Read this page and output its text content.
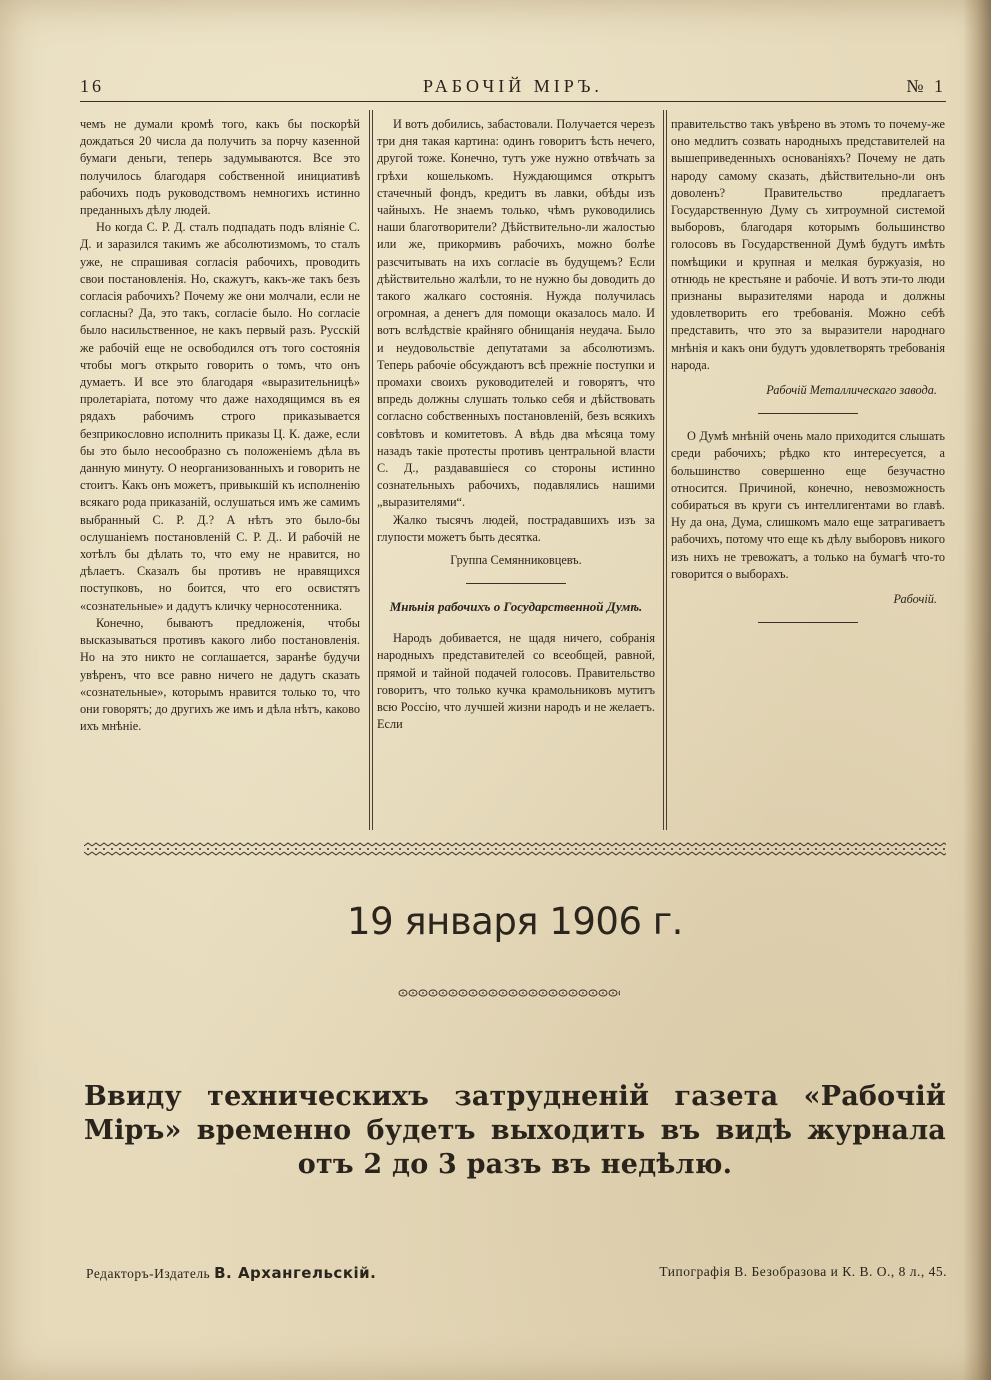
16	РАБОЧІЙ МІРЪ.	№ 1

чемъ не думали кромѣ того, какъ бы поскорѣй дождаться 20 числа да получить за порчу казенной бумаги деньги, теперь задумываются. Все это получилось благодаря собственной инициативѣ рабочихъ подъ руководствомъ немногихъ истинно преданныхъ дѣлу людей.

Но когда С. Р. Д. сталъ подпадать подъ вліяніе С. Д. и заразился такимъ же абсолютизмомъ, то сталъ уже, не спрашивая согласія рабочихъ, проводить свои постановленія. Но, скажутъ, какъ-же такъ безъ согласія рабочихъ? Почему же они молчали, если не согласны? Да, это такъ, согласіе было. Но согласіе было насильственное, не какъ первый разъ. Русскій же рабочій еще не освободился отъ того состоянія чтобы могъ открыто говорить о томъ, что онъ думаетъ. И все это благодаря «выразительницѣ» пролетаріата, потому что даже находящимся въ ея рядахъ рабочимъ строго приказывается безприкословно исполнить приказы Ц. К. даже, если бы это было несообразно съ положеніемъ дѣла въ данную минуту. О неорганизованныхъ и говорить не стоитъ. Какъ онъ можетъ, привыкшій къ исполненію всякаго рода приказаній, ослушаться имъ же самимъ выбранный С. Р. Д.? А нѣтъ это было-бы ослушаніемъ постановленій С. Р. Д.. И рабочій не хотѣлъ бы дѣлать то, что ему не нравится, но дѣлаетъ. Сказалъ бы противъ не нравящихся поступковъ, но боится, что его освистятъ «сознательные» и дадутъ кличку черносотенника.

Конечно, бываютъ предложенія, чтобы высказываться противъ какого либо постановленія. Но на это никто не соглашается, заранѣе будучи увѣренъ, что все равно ничего не дадутъ сказать «сознательные», которымъ нравится только то, что они говорятъ; до другихъ же имъ и дѣла нѣтъ, каково ихъ мнѣніе.

И вотъ добились, забастовали. Получается черезъ три дня такая картина: одинъ говоритъ ѣсть нечего, другой тоже. Конечно, тутъ уже нужно отвѣчать за грѣхи кошелькомъ. Нуждающимся открытъ стачечный фондъ, кредитъ въ лавки, обѣды изъ чайныхъ. Не знаемъ только, чѣмъ руководились наши благотворители? Дѣйствительно-ли жалостью или же, прикормивъ рабочихъ, можно болѣе разсчитывать на ихъ согласіе въ будущемъ? Если дѣйствительно жалѣли, то не нужно бы доводить до такого жалкаго состоянія. Нужда получилась огромная, а денегъ для помощи оказалось мало. И вотъ вслѣдствіе крайняго обнищанія неудача. Было и неудовольствіе депутатами за абсолютизмъ. Теперь рабочіе обсуждаютъ всѣ прежніе поступки и промахи своихъ руководителей и говорятъ, что впредь должны слушать только себя и дѣйствовать согласно собственныхъ постановленій, безъ всякихъ совѣтовъ и комитетовъ. А вѣдь два мѣсяца тому назадъ такіе протесты противъ центральной власти С. Д., раздававшіеся со стороны истинно сознательныхъ рабочихъ, подавлялись нашими „выразителями“.

Жалко тысячъ людей, пострадавшихъ изъ за глупости можетъ быть десятка.

Группа Семянниковцевъ.

Мнѣнія рабочихъ о Государственной Думѣ.

Народъ добивается, не щадя ничего, собранія народныхъ представителей со всеобщей, равной, прямой и тайной подачей голосовъ. Правительство говоритъ, что только кучка крамольниковъ мутитъ всю Россію, что лучшей жизни народъ и не желаетъ. Если

правительство такъ увѣрено въ этомъ то почему-же оно медлитъ созвать народныхъ представителей на вышеприведенныхъ основаніяхъ? Почему не дать народу самому сказать, дѣйствительно-ли онъ доволенъ? Правительство предлагаетъ Государственную Думу съ хитроумной системой выборовъ, благодаря которымъ большинство голосовъ въ Государственной Думѣ будутъ имѣть помѣщики и крупная и мелкая буржуазія, но отнюдь не крестьяне и рабочіе. И вотъ эти-то люди признаны выразителями народа и должны удовлетворить его требованія. Можно себѣ представить, что это за выразители народнаго мнѣнія и какъ они будутъ удовлетворять требованія народа.

Рабочій Металлическаго завода.

О Думѣ мнѣній очень мало приходится слышать среди рабочихъ; рѣдко кто интересуется, а большинство совершенно еще безучастно относится. Причиной, конечно, невозможность собираться въ круги съ интеллигентами во главѣ. Ну да она, Дума, слишкомъ мало еще затрагиваетъ рабочихъ, потому что еще къ дѣлу выборовъ никого изъ нихъ не тревожатъ, а только на бумагѣ что-то говорится о выборахъ.

Рабочій.

19 января 1906 г.
Ввиду техническихъ затрудненій газета «Рабочій Міръ» временно будетъ выходить въ видѣ журнала отъ 2 до 3 разъ въ недѣлю.
Редакторъ-Издатель В. Архангельскій.	Типографія В. Безобразова и К. В. О., 8 л., 45.
